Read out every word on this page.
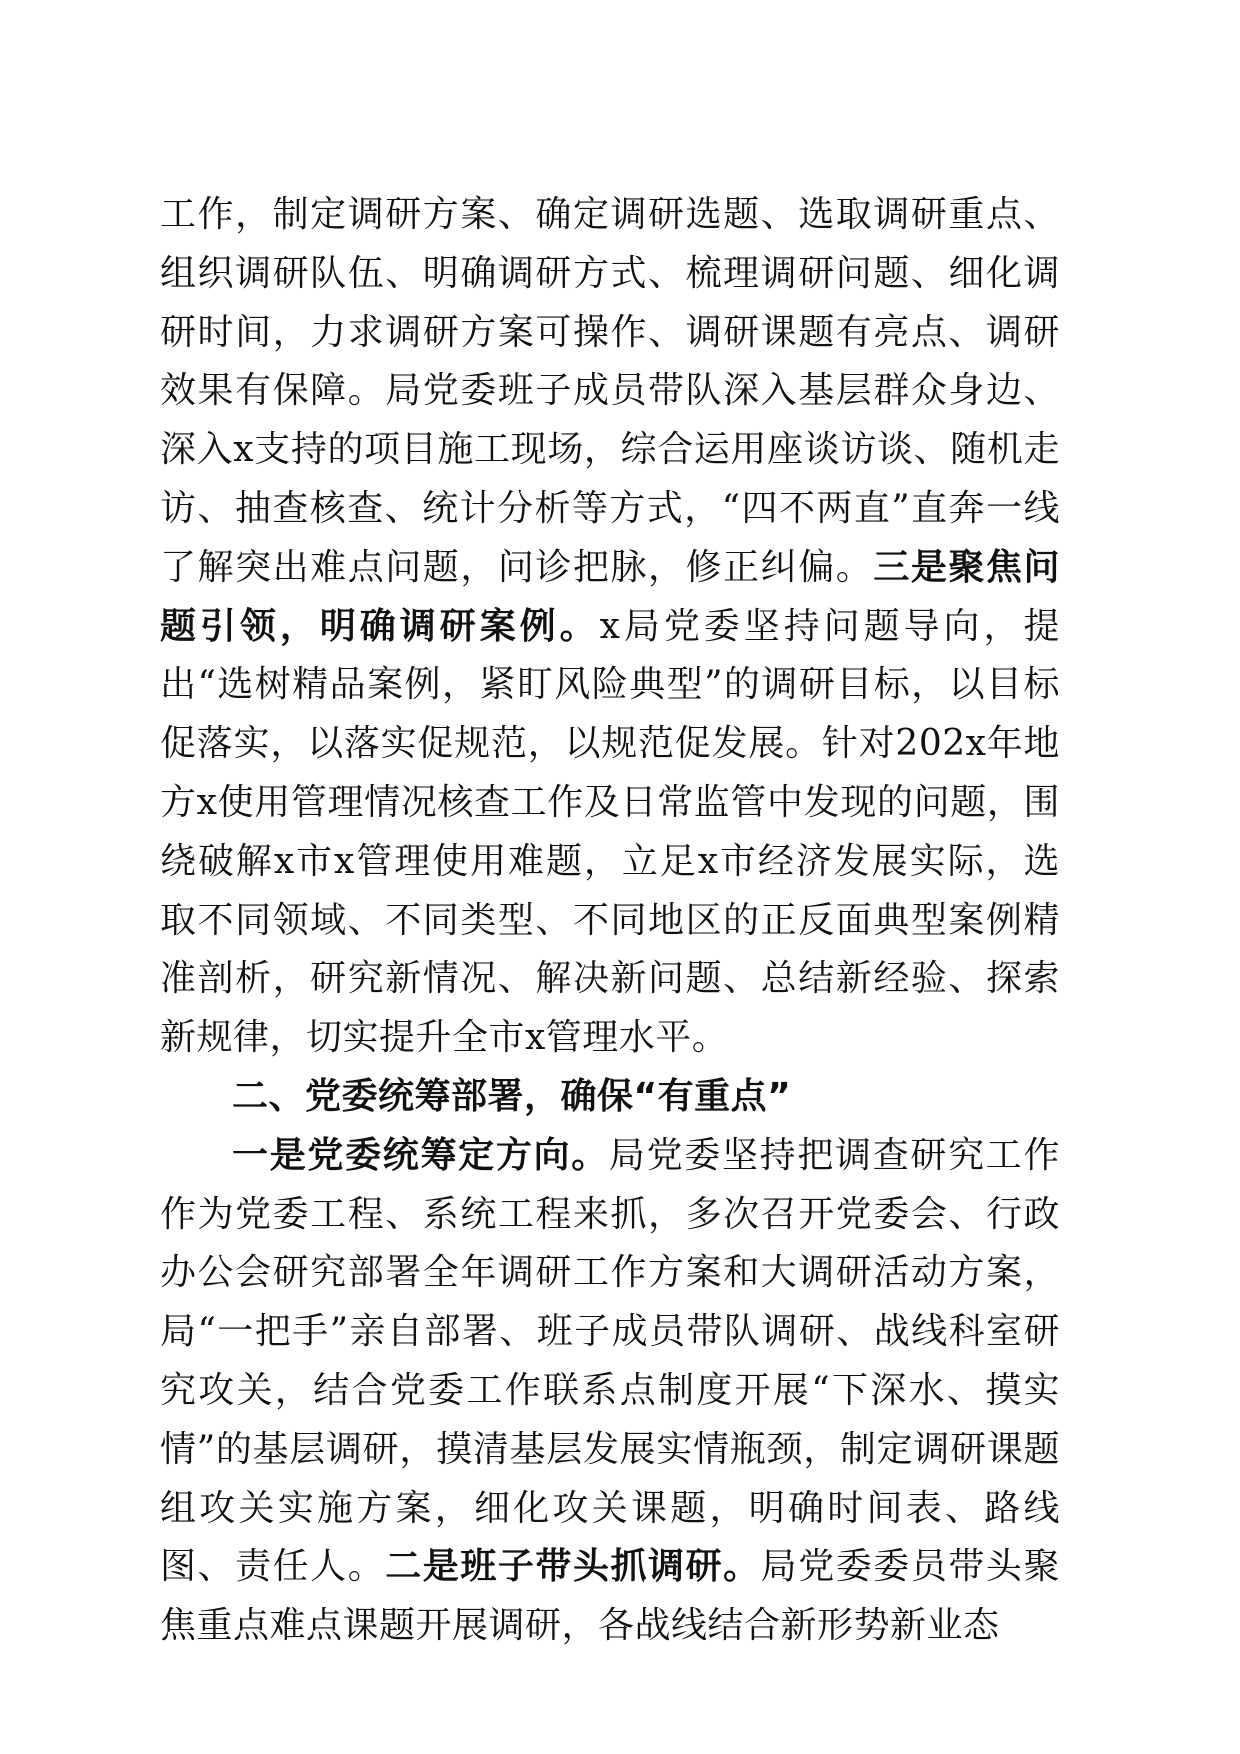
工作，制定调研方案、确定调研选题、选取调研重点、组织调研队伍、明确调研方式、梳理调研问题、细化调研时间，力求调研方案可操作、调研课题有亮点、调研效果有保障。局党委班子成员带队深入基层群众身边、深入x支持的项目施工现场，综合运用座谈访谈、随机走访、抽查核查、统计分析等方式，“四不两直”直奔一线了解突出难点问题，问诊把脉，修正纠偏。三是聚焦问题引领，明确调研案例。x局党委坚持问题导向，提出“选树精品案例，紧盯风险典型”的调研目标，以目标促落实，以落实促规范，以规范促发展。针对202x年地方x使用管理情况核查工作及日常监管中发现的问题，围绕破解x市x管理使用难题，立足x市经济发展实际，选取不同领域、不同类型、不同地区的正反面典型案例精准剖析，研究新情况、解决新问题、总结新经验、探索新规律，切实提升全市x管理水平。

二、党委统筹部署，确保“有重点”

一是党委统筹定方向。局党委坚持把调查研究工作作为党委工程、系统工程来抓，多次召开党委会、行政办公会研究部署全年调研工作方案和大调研活动方案，局“一把手”亲自部署、班子成员带队调研、战线科室研究攻关，结合党委工作联系点制度开展“下深水、摸实情”的基层调研，摸清基层发展实情瓶颈，制定调研课题组攻关实施方案，细化攻关课题，明确时间表、路线图、责任人。二是班子带头抓调研。局党委委员带头聚焦重点难点课题开展调研，各战线结合新形势新业态
